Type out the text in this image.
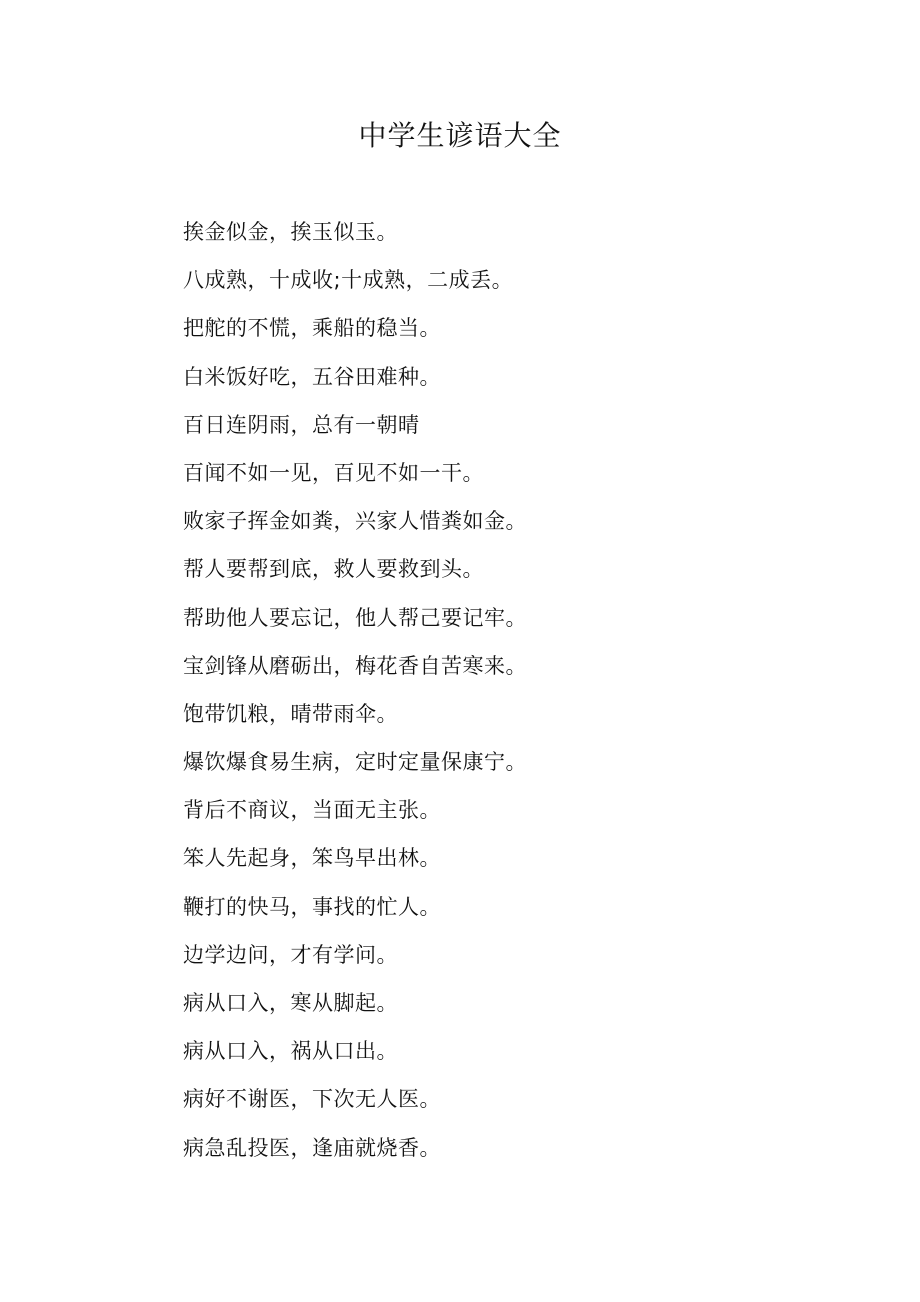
中学生谚语大全
挨金似金，挨玉似玉。
八成熟，十成收;十成熟，二成丢。
把舵的不慌，乘船的稳当。
白米饭好吃，五谷田难种。
百日连阴雨，总有一朝晴
百闻不如一见，百见不如一干。
败家子挥金如粪，兴家人惜粪如金。
帮人要帮到底，救人要救到头。
帮助他人要忘记，他人帮己要记牢。
宝剑锋从磨砺出，梅花香自苦寒来。
饱带饥粮，晴带雨伞。
爆饮爆食易生病，定时定量保康宁。
背后不商议，当面无主张。
笨人先起身，笨鸟早出林。
鞭打的快马，事找的忙人。
边学边问，才有学问。
病从口入，寒从脚起。
病从口入，祸从口出。
病好不谢医，下次无人医。
病急乱投医，逢庙就烧香。
